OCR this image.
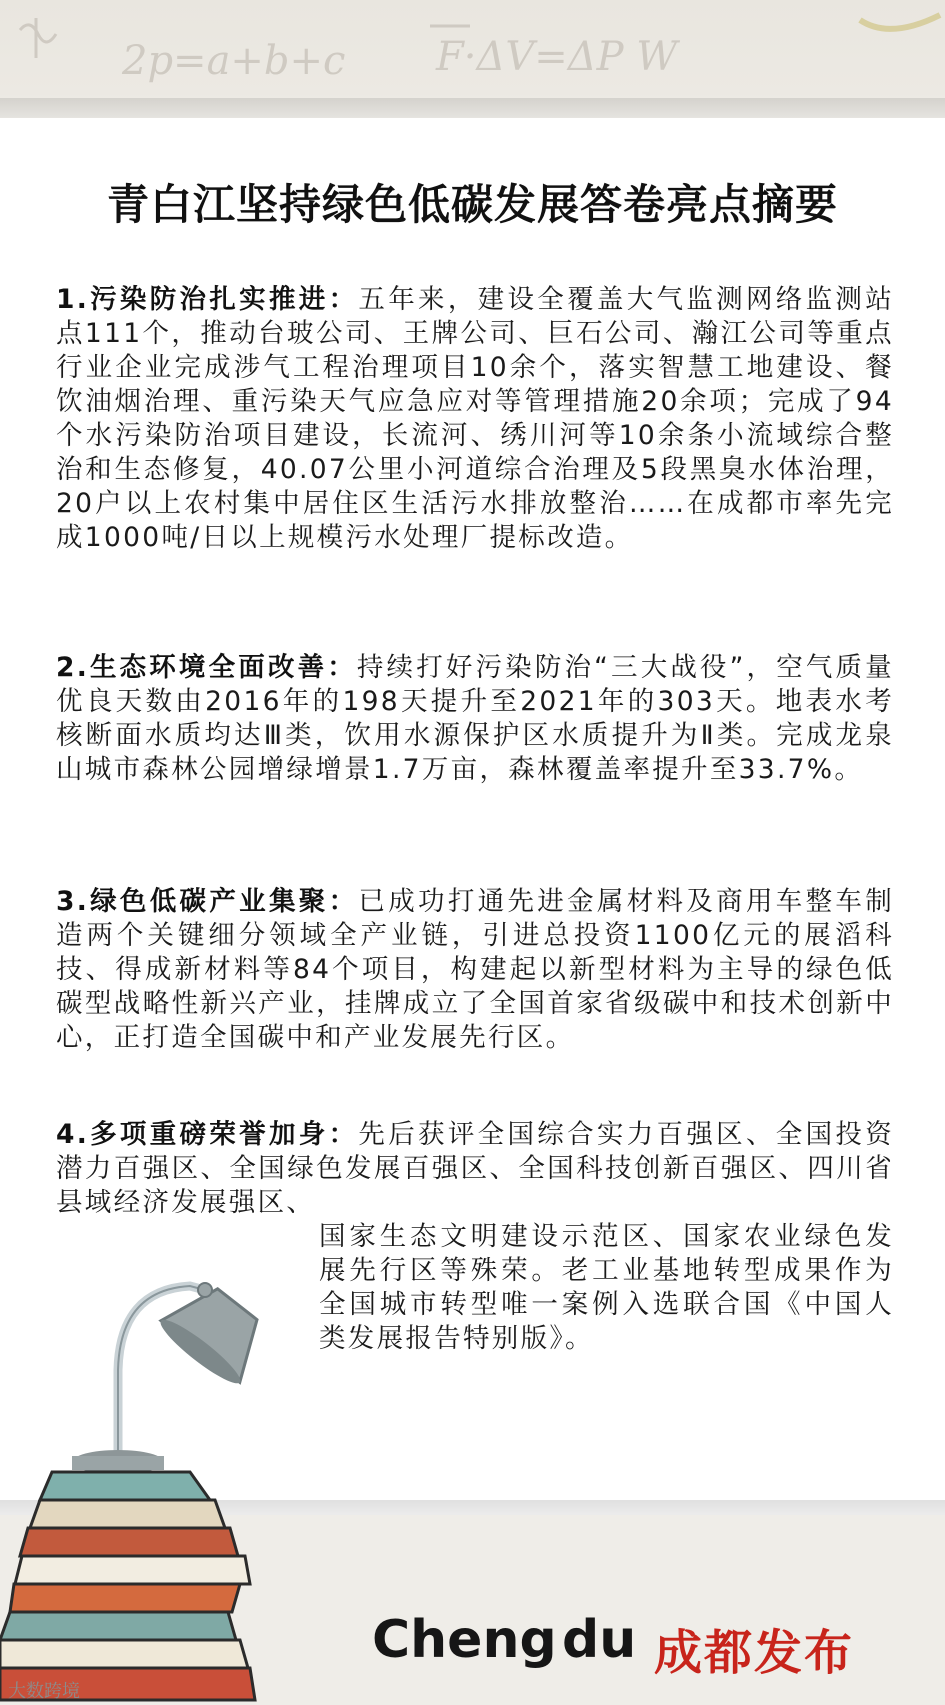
2p=a+b+c F·ΔV=ΔP W
青白江坚持绿色低碳发展答卷亮点摘要
1.污染防治扎实推进：五年来，建设全覆盖大气监测网络监测站点111个，推动台玻公司、王牌公司、巨石公司、瀚江公司等重点行业企业完成涉气工程治理项目10余个，落实智慧工地建设、餐饮油烟治理、重污染天气应急应对等管理措施20余项；完成了94个水污染防治项目建设，长流河、绣川河等10余条小流域综合整治和生态修复，40.07公里小河道综合治理及5段黑臭水体治理，20户以上农村集中居住区生活污水排放整治……在成都市率先完成1000吨/日以上规模污水处理厂提标改造。
2.生态环境全面改善：持续打好污染防治“三大战役”，空气质量优良天数由2016年的198天提升至2021年的303天。地表水考核断面水质均达Ⅲ类，饮用水源保护区水质提升为Ⅱ类。完成龙泉山城市森林公园增绿增景1.7万亩，森林覆盖率提升至33.7%。
3.绿色低碳产业集聚：已成功打通先进金属材料及商用车整车制造两个关键细分领域全产业链，引进总投资1100亿元的展滔科技、得成新材料等84个项目，构建起以新型材料为主导的绿色低碳型战略性新兴产业，挂牌成立了全国首家省级碳中和技术创新中心，正打造全国碳中和产业发展先行区。
4.多项重磅荣誉加身：先后获评全国综合实力百强区、全国投资潜力百强区、全国绿色发展百强区、全国科技创新百强区、四川省县域经济发展强区、
国家生态文明建设示范区、国家农业绿色发展先行区等殊荣。老工业基地转型成果作为全国城市转型唯一案例入选联合国《中国人类发展报告特别版》。
Cheng du 成都发布
大数跨境
